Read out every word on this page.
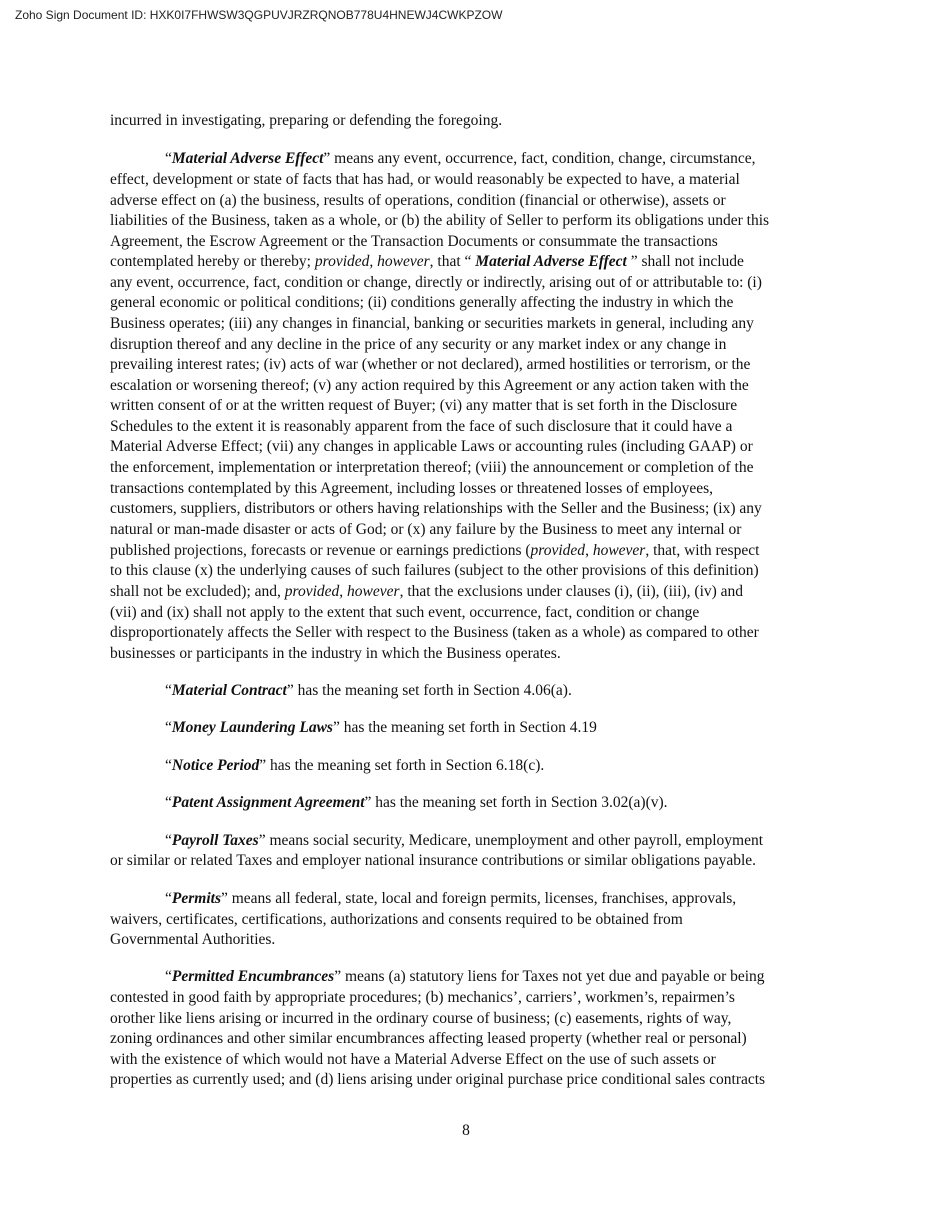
Zoho Sign Document ID: HXK0I7FHWSW3QGPUVJRZRQNOB778U4HNEWJ4CWKPZOW
incurred in investigating, preparing or defending the foregoing.
“Material Adverse Effect” means any event, occurrence, fact, condition, change, circumstance,
effect, development or state of facts that has had, or would reasonably be expected to have, a material
adverse effect on (a) the business, results of operations, condition (financial or otherwise), assets or
liabilities of the Business, taken as a whole, or (b) the ability of Seller to perform its obligations under this
Agreement, the Escrow Agreement or the Transaction Documents or consummate the transactions
contemplated hereby or thereby; provided, however, that “ Material Adverse Effect ” shall not include
any event, occurrence, fact, condition or change, directly or indirectly, arising out of or attributable to: (i)
general economic or political conditions; (ii) conditions generally affecting the industry in which the
Business operates; (iii) any changes in financial, banking or securities markets in general, including any
disruption thereof and any decline in the price of any security or any market index or any change in
prevailing interest rates; (iv) acts of war (whether or not declared), armed hostilities or terrorism, or the
escalation or worsening thereof; (v) any action required by this Agreement or any action taken with the
written consent of or at the written request of Buyer; (vi) any matter that is set forth in the Disclosure
Schedules to the extent it is reasonably apparent from the face of such disclosure that it could have a
Material Adverse Effect; (vii) any changes in applicable Laws or accounting rules (including GAAP) or
the enforcement, implementation or interpretation thereof; (viii) the announcement or completion of the
transactions contemplated by this Agreement, including losses or threatened losses of employees,
customers, suppliers, distributors or others having relationships with the Seller and the Business; (ix) any
natural or man-made disaster or acts of God; or (x) any failure by the Business to meet any internal or
published projections, forecasts or revenue or earnings predictions (provided, however, that, with respect
to this clause (x) the underlying causes of such failures (subject to the other provisions of this definition)
shall not be excluded); and, provided, however, that the exclusions under clauses (i), (ii), (iii), (iv) and
(vii) and (ix) shall not apply to the extent that such event, occurrence, fact, condition or change
disproportionately affects the Seller with respect to the Business (taken as a whole) as compared to other
businesses or participants in the industry in which the Business operates.
“Material Contract” has the meaning set forth in Section 4.06(a).
“Money Laundering Laws” has the meaning set forth in Section 4.19
“Notice Period” has the meaning set forth in Section 6.18(c).
“Patent Assignment Agreement” has the meaning set forth in Section 3.02(a)(v).
“Payroll Taxes” means social security, Medicare, unemployment and other payroll, employment
or similar or related Taxes and employer national insurance contributions or similar obligations payable.
“Permits” means all federal, state, local and foreign permits, licenses, franchises, approvals,
waivers, certificates, certifications, authorizations and consents required to be obtained from
Governmental Authorities.
“Permitted Encumbrances” means (a) statutory liens for Taxes not yet due and payable or being
contested in good faith by appropriate procedures; (b) mechanics’, carriers’, workmen’s, repairmen’s
orother like liens arising or incurred in the ordinary course of business; (c) easements, rights of way,
zoning ordinances and other similar encumbrances affecting leased property (whether real or personal)
with the existence of which would not have a Material Adverse Effect on the use of such assets or
properties as currently used; and (d) liens arising under original purchase price conditional sales contracts
8
